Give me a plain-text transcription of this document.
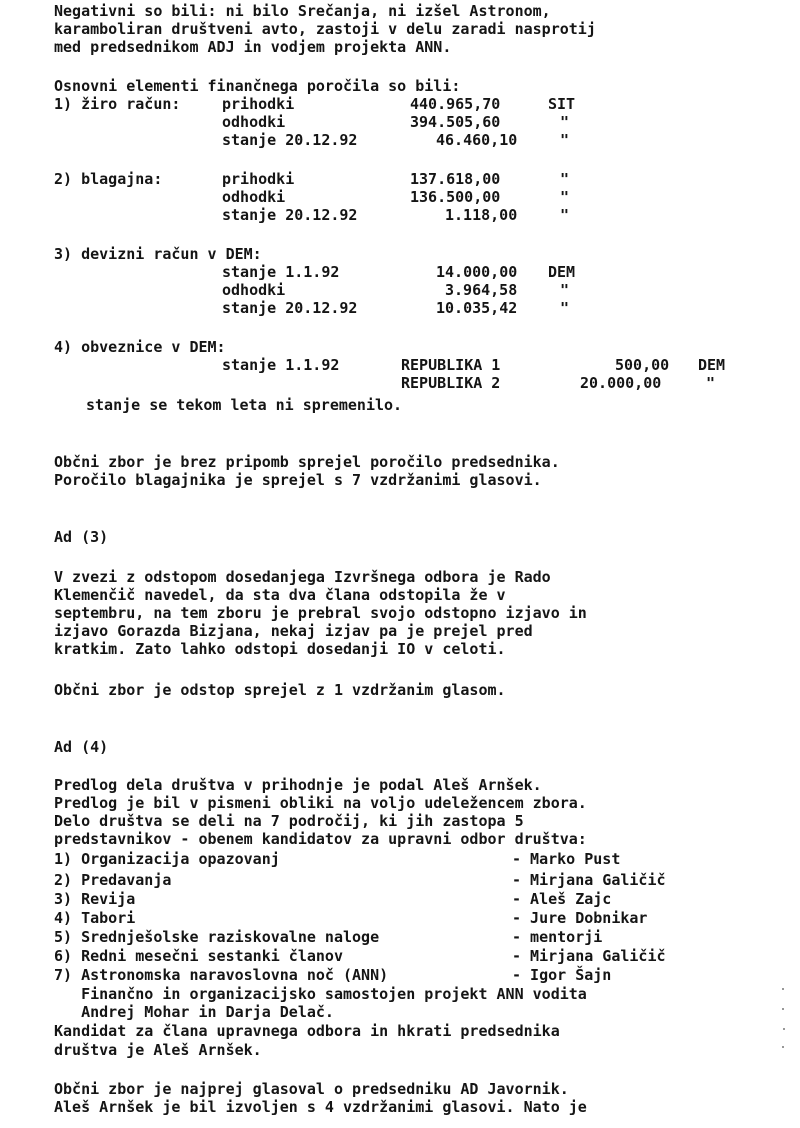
Negativni so bili: ni bilo Srečanja, ni izšel Astronom,
karamboliran društveni avto, zastoji v delu zaradi nasprotij
med predsednikom ADJ in vodjem projekta ANN.
Osnovni elementi finančnega poročila so bili:
1) žiro račun:	prihodki	440.965,70	SIT
odhodki	394.505,60	"
stanje 20.12.92	46.460,10	"
2) blagajna:	prihodki	137.618,00	"
odhodki	136.500,00	"
stanje 20.12.92	1.118,00	"
3) devizni račun v DEM:
stanje 1.1.92	14.000,00 DEM
odhodki	3.964,58	"
stanje 20.12.92	10.035,42	"
4) obveznice v DEM:
stanje 1.1.92	REPUBLIKA 1	500,00 DEM
REPUBLIKA 2	20.000,00	"
stanje se tekom leta ni spremenilo.
Občni zbor je brez pripomb sprejel poročilo predsednika.
Poročilo blagajnika je sprejel s 7 vzdržanimi glasovi.
Ad (3)
V zvezi z odstopom dosedanjega Izvršnega odbora je Rado
Klemenčič navedel, da sta dva člana odstopila že v
septembru, na tem zboru je prebral svojo odstopno izjavo in
izjavo Gorazda Bizjana, nekaj izjav pa je prejel pred
kratkim. Zato lahko odstopi dosedanji IO v celoti.
Občni zbor je odstop sprejel z 1 vzdržanim glasom.
Ad (4)
Predlog dela društva v prihodnje je podal Aleš Arnšek.
Predlog je bil v pismeni obliki na voljo udeležencem zbora.
Delo društva se deli na 7 področij, ki jih zastopa 5
predstavnikov - obenem kandidatov za upravni odbor društva:
1) Organizacija opazovanj	- Marko Pust
2) Predavanja	- Mirjana Galičič
3) Revija	- Aleš Zajc
4) Tabori	- Jure Dobnikar
5) Srednješolske raziskovalne naloge	- mentorji
6) Redni mesečni sestanki članov	- Mirjana Galičič
7) Astronomska naravoslovna noč (ANN)	- Igor Šajn
Finančno in organizacijsko samostojen projekt ANN vodita
Andrej Mohar in Darja Delač.
Kandidat za člana upravnega odbora in hkrati predsednika
društva je Aleš Arnšek.
Občni zbor je najprej glasoval o predsedniku AD Javornik.
Aleš Arnšek je bil izvoljen s 4 vzdržanimi glasovi. Nato je
